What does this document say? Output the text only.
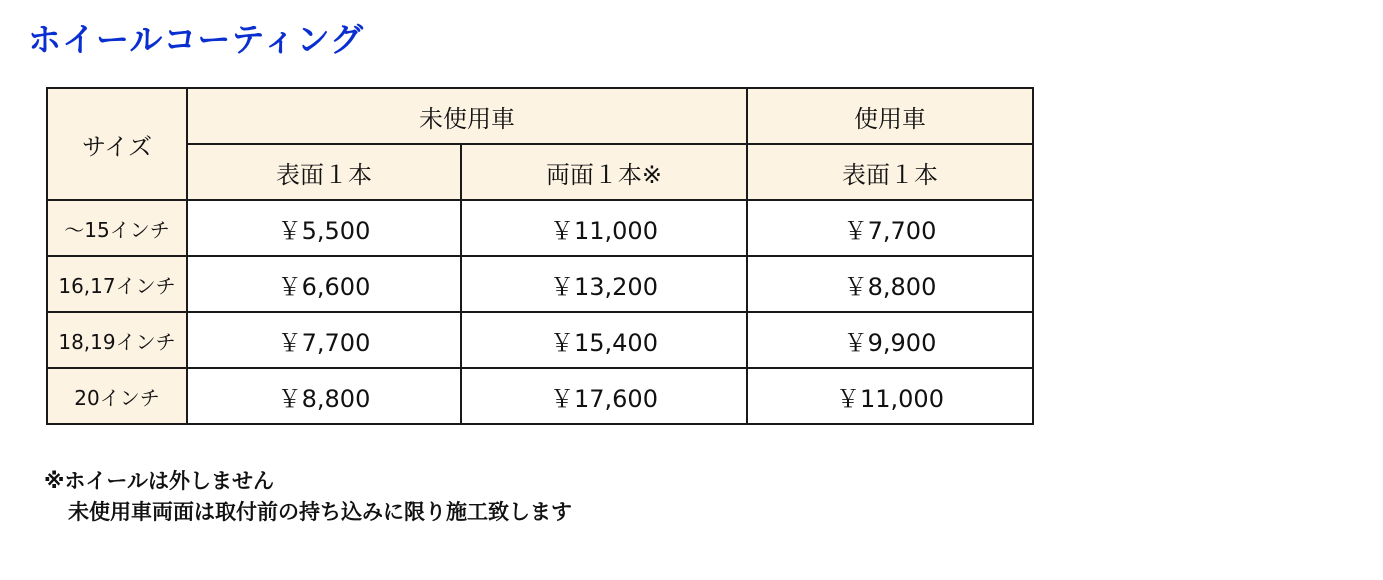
ホイールコーティング
サイズ	未使用車		使用車
	表面１本	両面１本※	表面１本
～15インチ	￥5,500	￥11,000	￥7,700
16,17インチ	￥6,600	￥13,200	￥8,800
18,19インチ	￥7,700	￥15,400	￥9,900
20インチ	￥8,800	￥17,600	￥11,000
※ホイールは外しません
未使用車両面は取付前の持ち込みに限り施工致します
